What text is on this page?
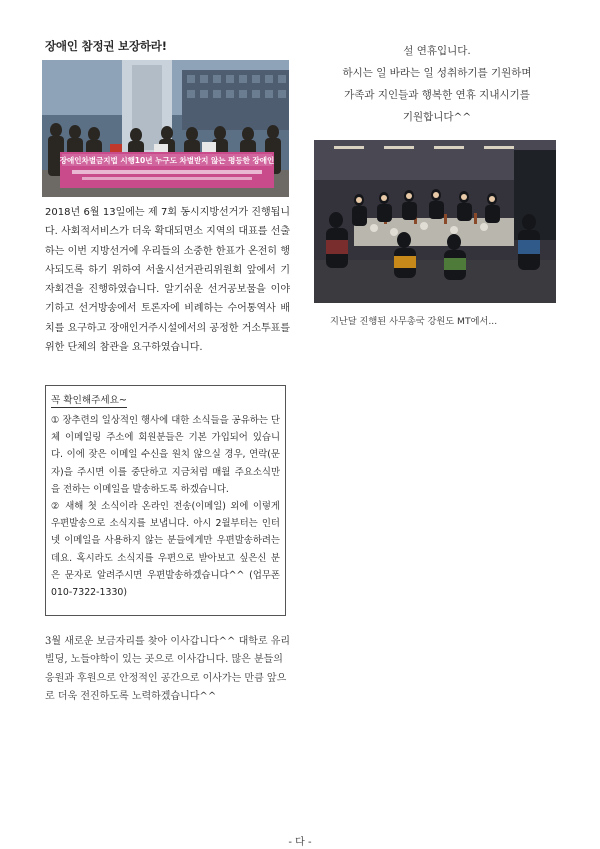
장애인 참정권 보장하라!
장애인차별금지법 시행10년 누구도 차별받지 않는 평등한 장애인
2018년 6월 13일에는 제 7회 동시지방선거가 진행됩니다. 사회적서비스가 더욱 확대되면소 지역의 대표를 선출하는 이번 지방선거에 우리들의 소중한 한표가 온전히 행사되도록 하기 위하여 서울시선거관리위원회 앞에서 기자회견을 진행하였습니다. 알기쉬운 선거공보물을 이야기하고 선거방송에서 토론자에 비례하는 수어통역사 배치를 요구하고 장애인거주시설에서의 공정한 거소투표를 위한 단체의 참관을 요구하였습니다.
꼭 확인해주세요~

① 장추련의 일상적인 행사에 대한 소식들을 공유하는 단체 이메일링 주소에 회원분들은 기본 가입되어 있습니다. 이에 잦은 이메일 수신을 원치 않으실 경우, 연락(문자)을 주시면 이를 중단하고 지금처럼 매월 주요소식만을 전하는 이메일을 발송하도록 하겠습니다.

② 새해 첫 소식이라 온라인 전송(이메일) 외에 이렇게 우편발송으로 소식지를 보냅니다. 아시 2월부터는 인터넷 이메일을 사용하지 않는 분들에게만 우편발송하려는데요. 혹시라도 소식지를 우편으로 받아보고 싶은신 분은 문자로 알려주시면 우편발송하겠습니다^^ (업무폰 010-7322-1330)

3월 새로운 보금자리를 찾아 이사갑니다^^ 대학로 유리빌딩, 노들야학이 있는 곳으로 이사갑니다. 많은 분들의 응원과 후원으로 안정적인 공간으로 이사가는 만큼 앞으로 더욱 전진하도록 노력하겠습니다^^
설 연휴입니다.
하시는 일 바라는 일 성취하기를 기원하며
가족과 지인들과 행복한 연휴 지내시기를
기원합니다^^
지난달 진행된 사무총국 강원도 MT에서...
- 다 -
